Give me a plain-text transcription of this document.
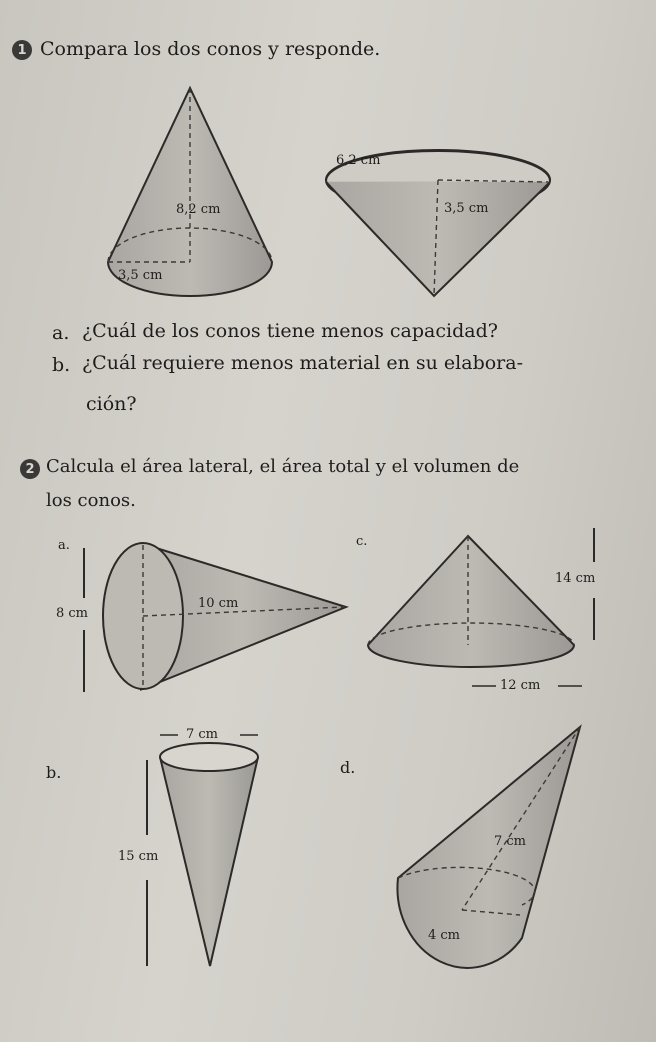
1 Compara los dos conos y responde.
8,2 cm
3,5 cm
6,2 cm
3,5 cm
a. ¿Cuál de los conos tiene menos capacidad?
b. ¿Cuál requiere menos material en su elabora-
ción?
2 Calcula el área lateral, el área total y el volumen de
los conos.
a.
8 cm
10 cm
c.
14 cm
12 cm
b.
7 cm
15 cm
d.
7 cm
4 cm
